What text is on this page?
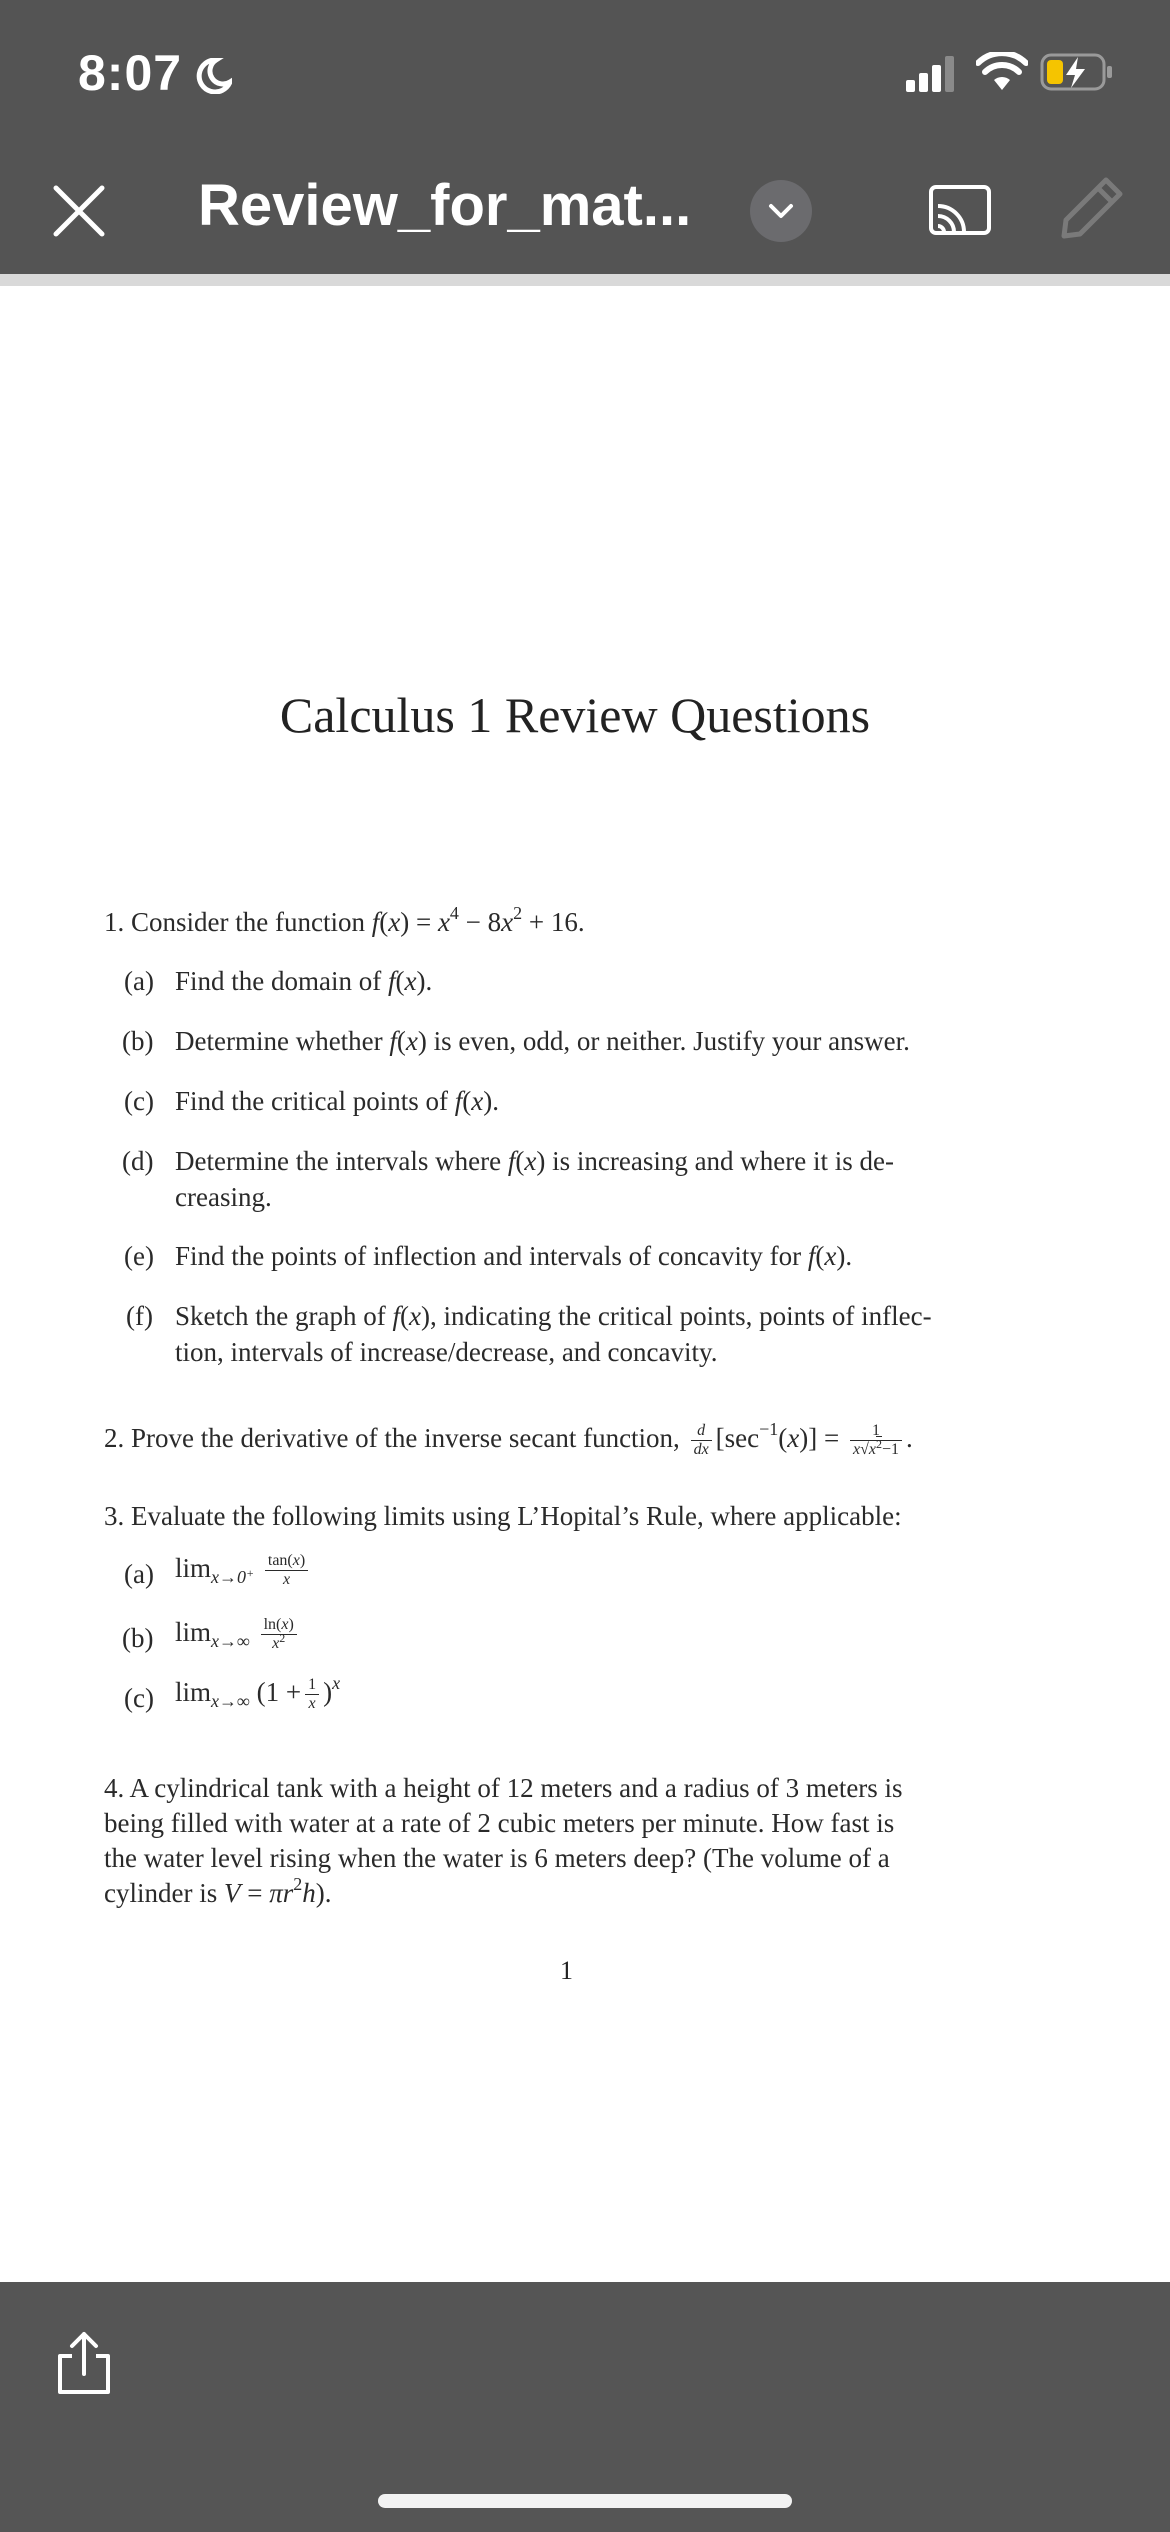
8:07
Review_for_mat...
Calculus 1 Review Questions
1. Consider the function $f(x) = x^4 - 8x^2 + 16$.
(a) Find the domain of f(x).
(b) Determine whether f(x) is even, odd, or neither. Justify your answer.
(c) Find the critical points of f(x).
(d) Determine the intervals where f(x) is increasing and where it is de-
creasing.
(e) Find the points of inflection and intervals of concavity for f(x).
(f) Sketch the graph of f(x), indicating the critical points, points of inflec-
tion, intervals of increase/decrease, and concavity.
2. Prove the derivative of the inverse secant function, $\frac{d}{dx} [\sec^{-1}(x)] = \frac{1}{x√x^2-1}$ .
3. Evaluate the following limits using L’Hopital’s Rule, where applicable:
(a) $\lim_{x\to 0^+} \frac{\tan(x)}{x}$
(b) $\lim_{x\to\infty} \frac{\ln(x)}{x^2}$
(c) $\lim_{x\to\infty} (1 + \frac{1}{x} )^x$
4. A cylindrical tank with a height of 12 meters and a radius of 3 meters is
being filled with water at a rate of 2 cubic meters per minute. How fast is
the water level rising when the water is 6 meters deep? (The volume of a
cylinder is $V = \pi r^2h$).
1
